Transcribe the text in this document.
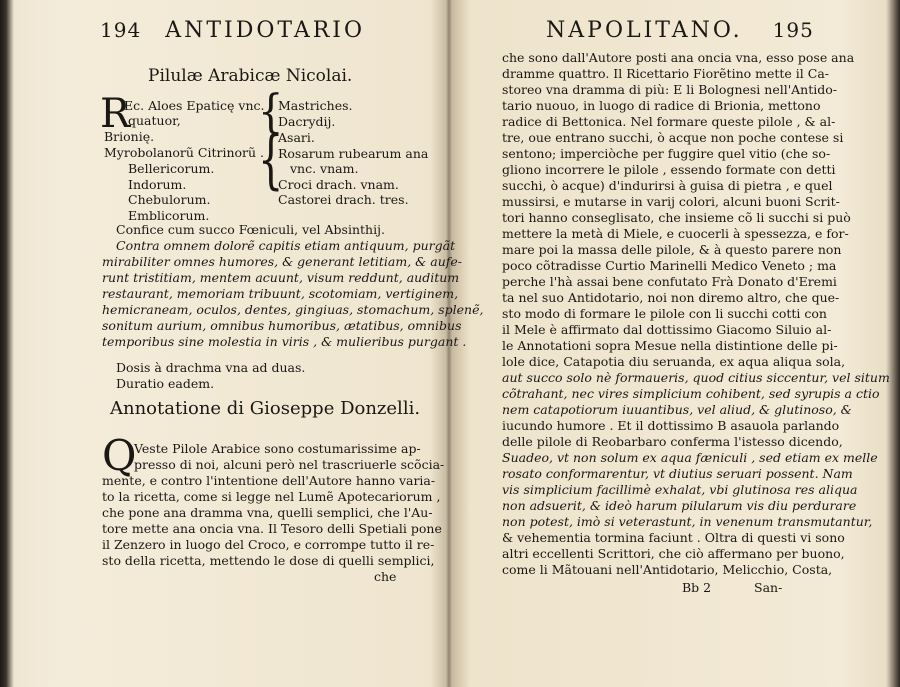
194 ANTIDOTARIO
Pilulæ Arabicæ Nicolai.
R
Ec. Aloes Epaticę vnc.
quatuor,
Brionię.
Myrobolanorũ Citrinorũ .
Bellericorum.
Indorum.
Chebulorum.
Emblicorum.
{
{
Mastriches.
Dacrydij.
Asari.
Rosarum rubearum ana
vnc. vnam.
Croci drach. vnam.
Castorei drach. tres.
Confice cum succo Fœniculi, vel Absinthij.
Contra omnem dolorẽ capitis etiam antiquum, purgãt
mirabiliter omnes humores, & generant letitiam, & aufe-
runt tristitiam, mentem acuunt, visum reddunt, auditum
restaurant, memoriam tribuunt, scotomiam, vertiginem,
hemicraneam, oculos, dentes, gingiuas, stomachum, splenẽ,
sonitum aurium, omnibus humoribus, ætatibus, omnibus
temporibus sine molestia in viris , & mulieribus purgant .
Dosis à drachma vna ad duas.
Duratio eadem.
Annotatione di Gioseppe Donzelli.
Q
Veste Pilole Arabice sono costumarissime ap-
presso di noi, alcuni però nel trascriuerle scõcia-
mente, e contro l'intentione dell'Autore hanno varia-
to la ricetta, come si legge nel Lumẽ Apotecariorum ,
che pone ana dramma vna, quelli semplici, che l'Au-
tore mette ana oncia vna. Il Tesoro delli Spetiali pone
il Zenzero in luogo del Croco, e corrompe tutto il re-
sto della ricetta, mettendo le dose di quelli semplici,
che
NAPOLITANO. 195
che sono dall'Autore posti ana oncia vna, esso pose ana
dramme quattro. Il Ricettario Fiorẽtino mette il Ca-
storeo vna dramma di più: E li Bolognesi nell'Antido-
tario nuouo, in luogo di radice di Brionia, mettono
radice di Bettonica. Nel formare queste pilole , & al-
tre, oue entrano succhi, ò acque non poche contese si
sentono; imperciòche per fuggire quel vitio (che so-
gliono incorrere le pilole , essendo formate con detti
succhi, ò acque) d'indurirsi à guisa di pietra , e quel
mussirsi, e mutarse in varij colori, alcuni buoni Scrit-
tori hanno conseglisato, che insieme cõ li succhi si può
mettere la metà di Miele, e cuocerli à spessezza, e for-
mare poi la massa delle pilole, & à questo parere non
poco cõtradisse Curtio Marinelli Medico Veneto ; ma
perche l'hà assai bene confutato Frà Donato d'Eremi
ta nel suo Antidotario, noi non diremo altro, che que-
sto modo di formare le pilole con li succhi cotti con
il Mele è affirmato dal dottissimo Giacomo Siluio al-
le Annotationi sopra Mesue nella distintione delle pi-
lole dice, Catapotia diu seruanda, ex aqua aliqua sola,
aut succo solo nè formaueris, quod citius siccentur, vel situm
cõtrahant, nec vires simplicium cohibent, sed syrupis a ctio
nem catapotiorum iuuantibus, vel aliud, & glutinoso, &
iucundo humore . Et il dottissimo B asauola parlando
delle pilole di Reobarbaro conferma l'istesso dicendo,
Suadeo, vt non solum ex aqua fæniculi , sed etiam ex melle
rosato conformarentur, vt diutius seruari possent. Nam
vis simplicium facillimè exhalat, vbi glutinosa res aliqua
non adsuerit, & ideò harum pilularum vis diu perdurare
non potest, imò si veterastunt, in venenum transmutantur,
& vehementia tormina faciunt . Oltra di questi vi sono
altri eccellenti Scrittori, che ciò affermano per buono,
come li Mãtouani nell'Antidotario, Melicchio, Costa,
Bb 2	San-
